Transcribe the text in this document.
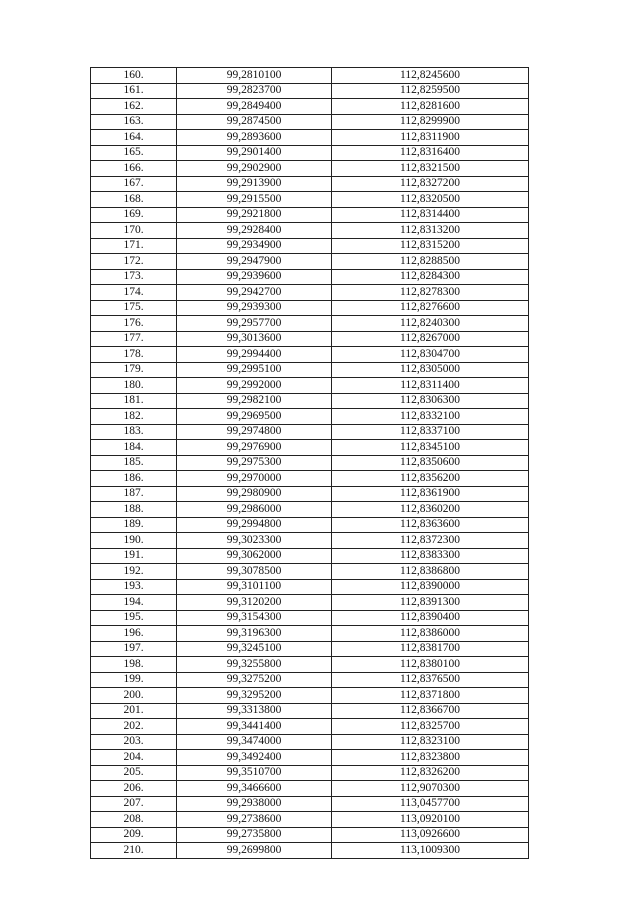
160.	99,2810100	112,8245600
161.	99,2823700	112,8259500
162.	99,2849400	112,8281600
163.	99,2874500	112,8299900
164.	99,2893600	112,8311900
165.	99,2901400	112,8316400
166.	99,2902900	112,8321500
167.	99,2913900	112,8327200
168.	99,2915500	112,8320500
169.	99,2921800	112,8314400
170.	99,2928400	112,8313200
171.	99,2934900	112,8315200
172.	99,2947900	112,8288500
173.	99,2939600	112,8284300
174.	99,2942700	112,8278300
175.	99,2939300	112,8276600
176.	99,2957700	112,8240300
177.	99,3013600	112,8267000
178.	99,2994400	112,8304700
179.	99,2995100	112,8305000
180.	99,2992000	112,8311400
181.	99,2982100	112,8306300
182.	99,2969500	112,8332100
183.	99,2974800	112,8337100
184.	99,2976900	112,8345100
185.	99,2975300	112,8350600
186.	99,2970000	112,8356200
187.	99,2980900	112,8361900
188.	99,2986000	112,8360200
189.	99,2994800	112,8363600
190.	99,3023300	112,8372300
191.	99,3062000	112,8383300
192.	99,3078500	112,8386800
193.	99,3101100	112,8390000
194.	99,3120200	112,8391300
195.	99,3154300	112,8390400
196.	99,3196300	112,8386000
197.	99,3245100	112,8381700
198.	99,3255800	112,8380100
199.	99,3275200	112,8376500
200.	99,3295200	112,8371800
201.	99,3313800	112,8366700
202.	99,3441400	112,8325700
203.	99,3474000	112,8323100
204.	99,3492400	112,8323800
205.	99,3510700	112,8326200
206.	99,3466600	112,9070300
207.	99,2938000	113,0457700
208.	99,2738600	113,0920100
209.	99,2735800	113,0926600
210.	99,2699800	113,1009300
